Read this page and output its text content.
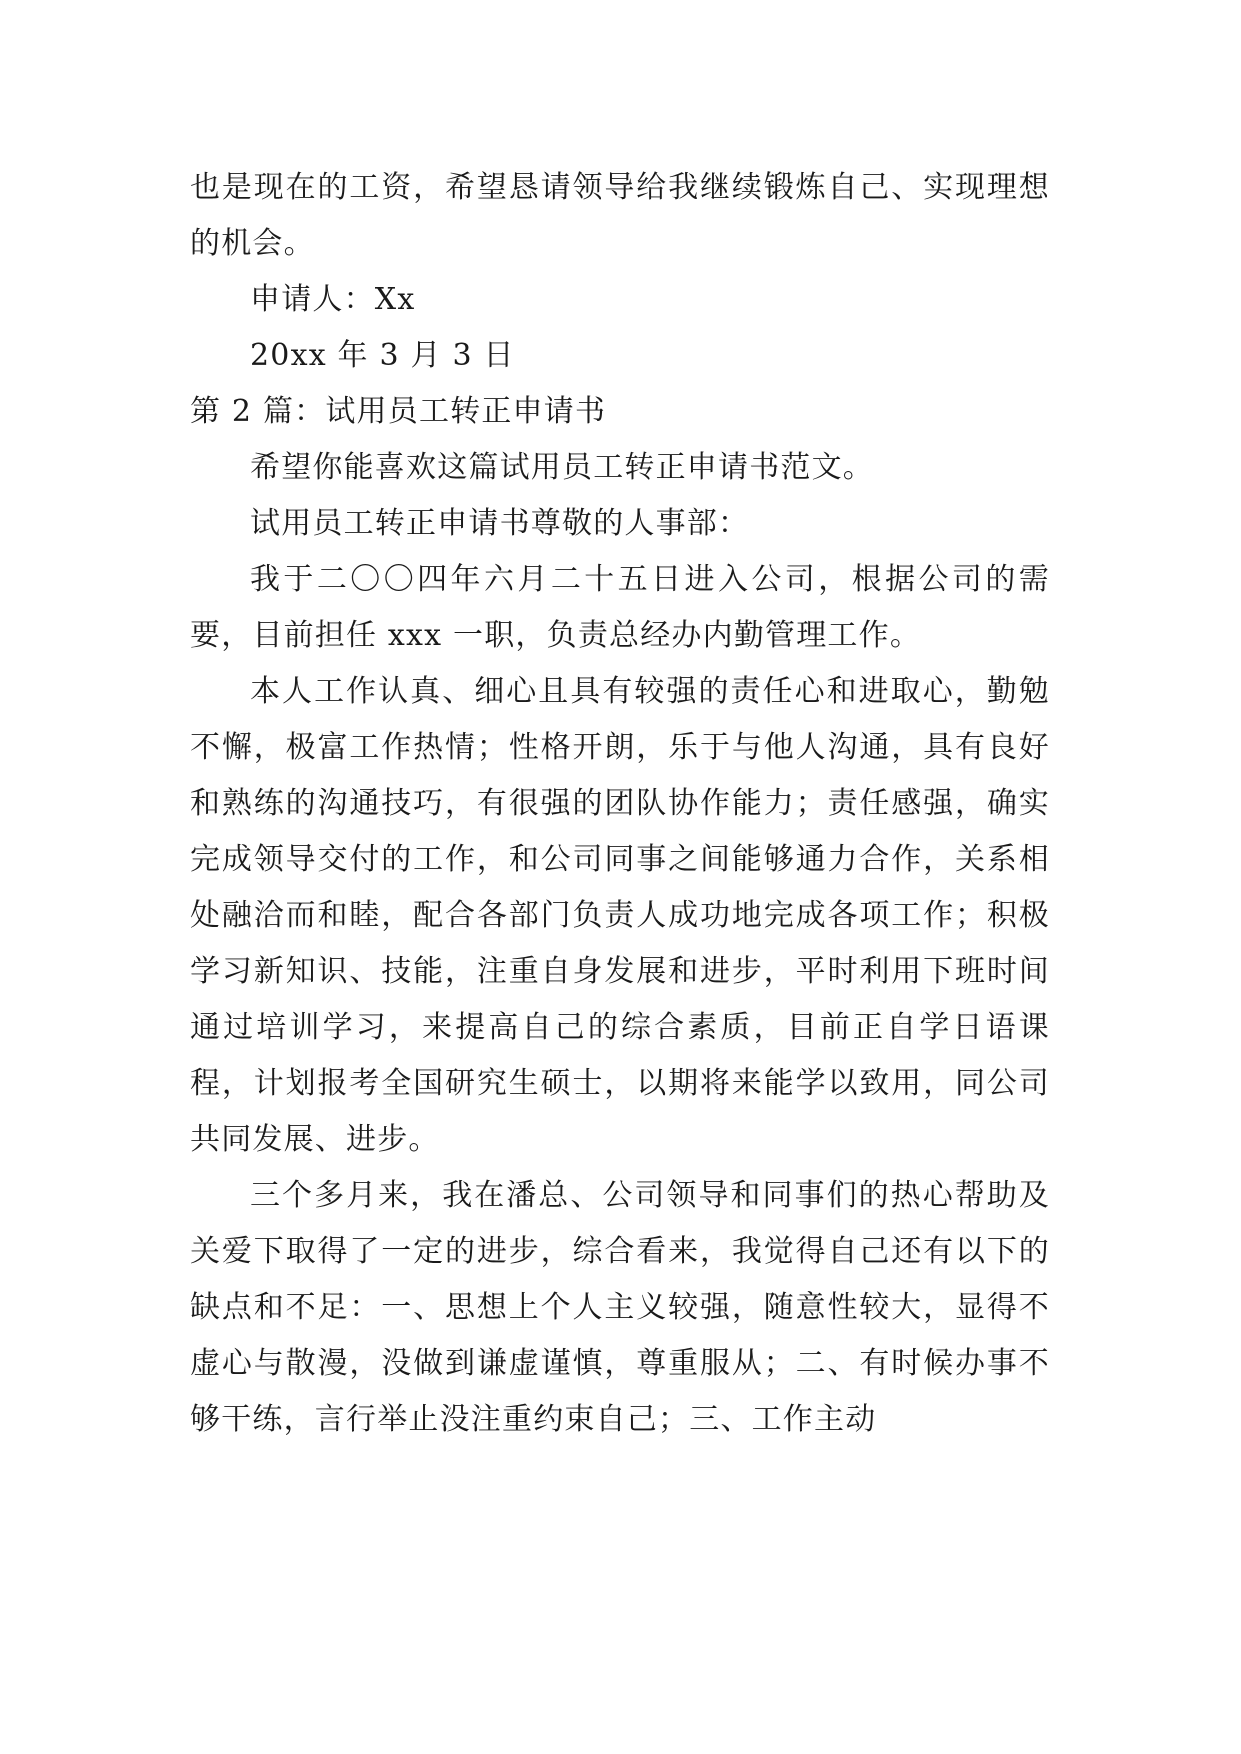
也是现在的工资，希望恳请领导给我继续锻炼自己、实现理想的机会。

申请人：Xx

20xx 年 3 月 3 日

第 2 篇：试用员工转正申请书

希望你能喜欢这篇试用员工转正申请书范文。

试用员工转正申请书尊敬的人事部：

我于二〇〇四年六月二十五日进入公司，根据公司的需要，目前担任 xxx 一职，负责总经办内勤管理工作。

本人工作认真、细心且具有较强的责任心和进取心，勤勉不懈，极富工作热情；性格开朗，乐于与他人沟通，具有良好和熟练的沟通技巧，有很强的团队协作能力；责任感强，确实完成领导交付的工作，和公司同事之间能够通力合作，关系相处融洽而和睦，配合各部门负责人成功地完成各项工作；积极学习新知识、技能，注重自身发展和进步，平时利用下班时间通过培训学习，来提高自己的综合素质，目前正自学日语课程，计划报考全国研究生硕士，以期将来能学以致用，同公司共同发展、进步。

三个多月来，我在潘总、公司领导和同事们的热心帮助及关爱下取得了一定的进步，综合看来，我觉得自己还有以下的缺点和不足：一、思想上个人主义较强，随意性较大，显得不虚心与散漫，没做到谦虚谨慎，尊重服从；二、有时候办事不够干练，言行举止没注重约束自己；三、工作主动
